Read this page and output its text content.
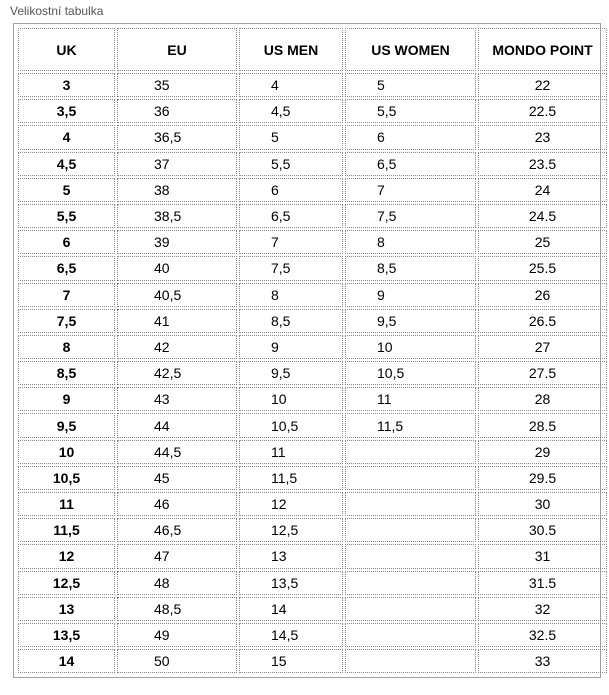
Velikostní tabulka
UK	EU	US MEN	US WOMEN	MONDO POINT
3	35	4	5	22
3,5	36	4,5	5,5	22.5
4	36,5	5	6	23
4,5	37	5,5	6,5	23.5
5	38	6	7	24
5,5	38,5	6,5	7,5	24.5
6	39	7	8	25
6,5	40	7,5	8,5	25.5
7	40,5	8	9	26
7,5	41	8,5	9,5	26.5
8	42	9	10	27
8,5	42,5	9,5	10,5	27.5
9	43	10	11	28
9,5	44	10,5	11,5	28.5
10	44,5	11		29
10,5	45	11,5		29.5
11	46	12		30
11,5	46,5	12,5		30.5
12	47	13		31
12,5	48	13,5		31.5
13	48,5	14		32
13,5	49	14,5		32.5
14	50	15		33
